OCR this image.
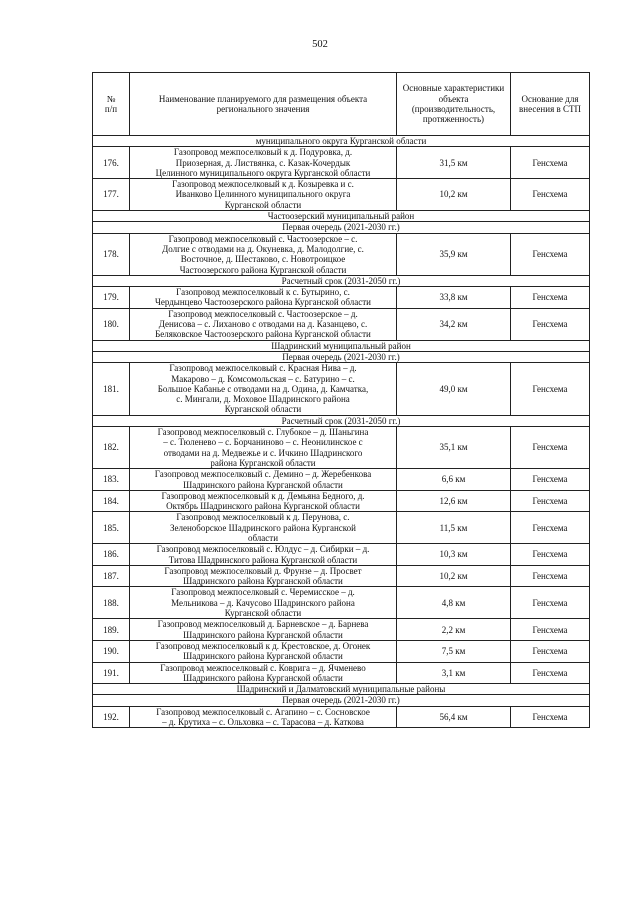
502
№
п/п	Наименование планируемого для размещения объекта регионального значения	Основные характеристики объекта (производительность, протяженность)	Основание для внесения в СТП
муниципального округа Курганской области			
176.	Газопровод межпоселковый к д. Подуровка, д.
Приозерная, д. Листвянка, с. Казак-Кочердык
Целинного муниципального округа Курганской области	31,5 км	Генсхема
177.	Газопровод межпоселковый к д. Козыревка и с.
Иванково Целинного муниципального округа
Курганской области	10,2 км	Генсхема
Частоозерский муниципальный район			
Первая очередь (2021-2030 гг.)			
178.	Газопровод межпоселковый с. Частоозерское – с.
Долгие с отводами на д. Окуневка, д. Малодолгие, с.
Восточное, д. Шестаково, с. Новотроицкое
Частоозерского района Курганской области	35,9 км	Генсхема
Расчетный срок (2031-2050 гг.)			
179.	Газопровод межпоселковый к с. Бутырино, с.
Чердынцево Частоозерского района Курганской области	33,8 км	Генсхема
180.	Газопровод межпоселковый с. Частоозерское – д.
Денисова – с. Лиханово с отводами на д. Казанцево, с.
Беляковское Частоозерского района Курганской области	34,2 км	Генсхема
Шадринский муниципальный район			
Первая очередь (2021-2030 гг.)			
181.	Газопровод межпоселковый с. Красная Нива – д.
Макарово – д. Комсомольская – с. Батурино – с.
Большое Кабанье с отводами на д. Одина, д. Камчатка,
с. Мингали, д. Моховое Шадринского района
Курганской области	49,0 км	Генсхема
Расчетный срок (2031-2050 гг.)			
182.	Газопровод межпоселковый с. Глубокое – д. Шаньгина
– с. Тюленево – с. Борчаниново – с. Неонилинское с
отводами на д. Медвежье и с. Ичкино Шадринского
района Курганской области	35,1 км	Генсхема
183.	Газопровод межпоселковый с. Демино – д. Жеребенкова
Шадринского района Курганской области	6,6 км	Генсхема
184.	Газопровод межпоселковый к д. Демьяна Бедного, д.
Октябрь Шадринского района Курганской области	12,6 км	Генсхема
185.	Газопровод межпоселковый к д. Перунова, с.
Зеленоборское Шадринского района Курганской
области	11,5 км	Генсхема
186.	Газопровод межпоселковый с. Юлдус – д. Сибирки – д.
Титова Шадринского района Курганской области	10,3 км	Генсхема
187.	Газопровод межпоселковый д. Фрунзе – д. Просвет
Шадринского района Курганской области	10,2 км	Генсхема
188.	Газопровод межпоселковый с. Черемисское – д.
Мельникова – д. Качусово Шадринского района
Курганской области	4,8 км	Генсхема
189.	Газопровод межпоселковый д. Барневское – д. Барнева
Шадринского района Курганской области	2,2 км	Генсхема
190.	Газопровод межпоселковый к д. Крестовское, д. Огонек
Шадринского района Курганской области	7,5 км	Генсхема
191.	Газопровод межпоселковый с. Коврига – д. Ячменево
Шадринского района Курганской области	3,1 км	Генсхема
Шадринский и Далматовский муниципальные районы			
Первая очередь (2021-2030 гг.)			
192.	Газопровод межпоселковый с. Агапино – с. Сосновское
– д. Крутиха – с. Ольховка – с. Тарасова – д. Каткова	56,4 км	Генсхема
